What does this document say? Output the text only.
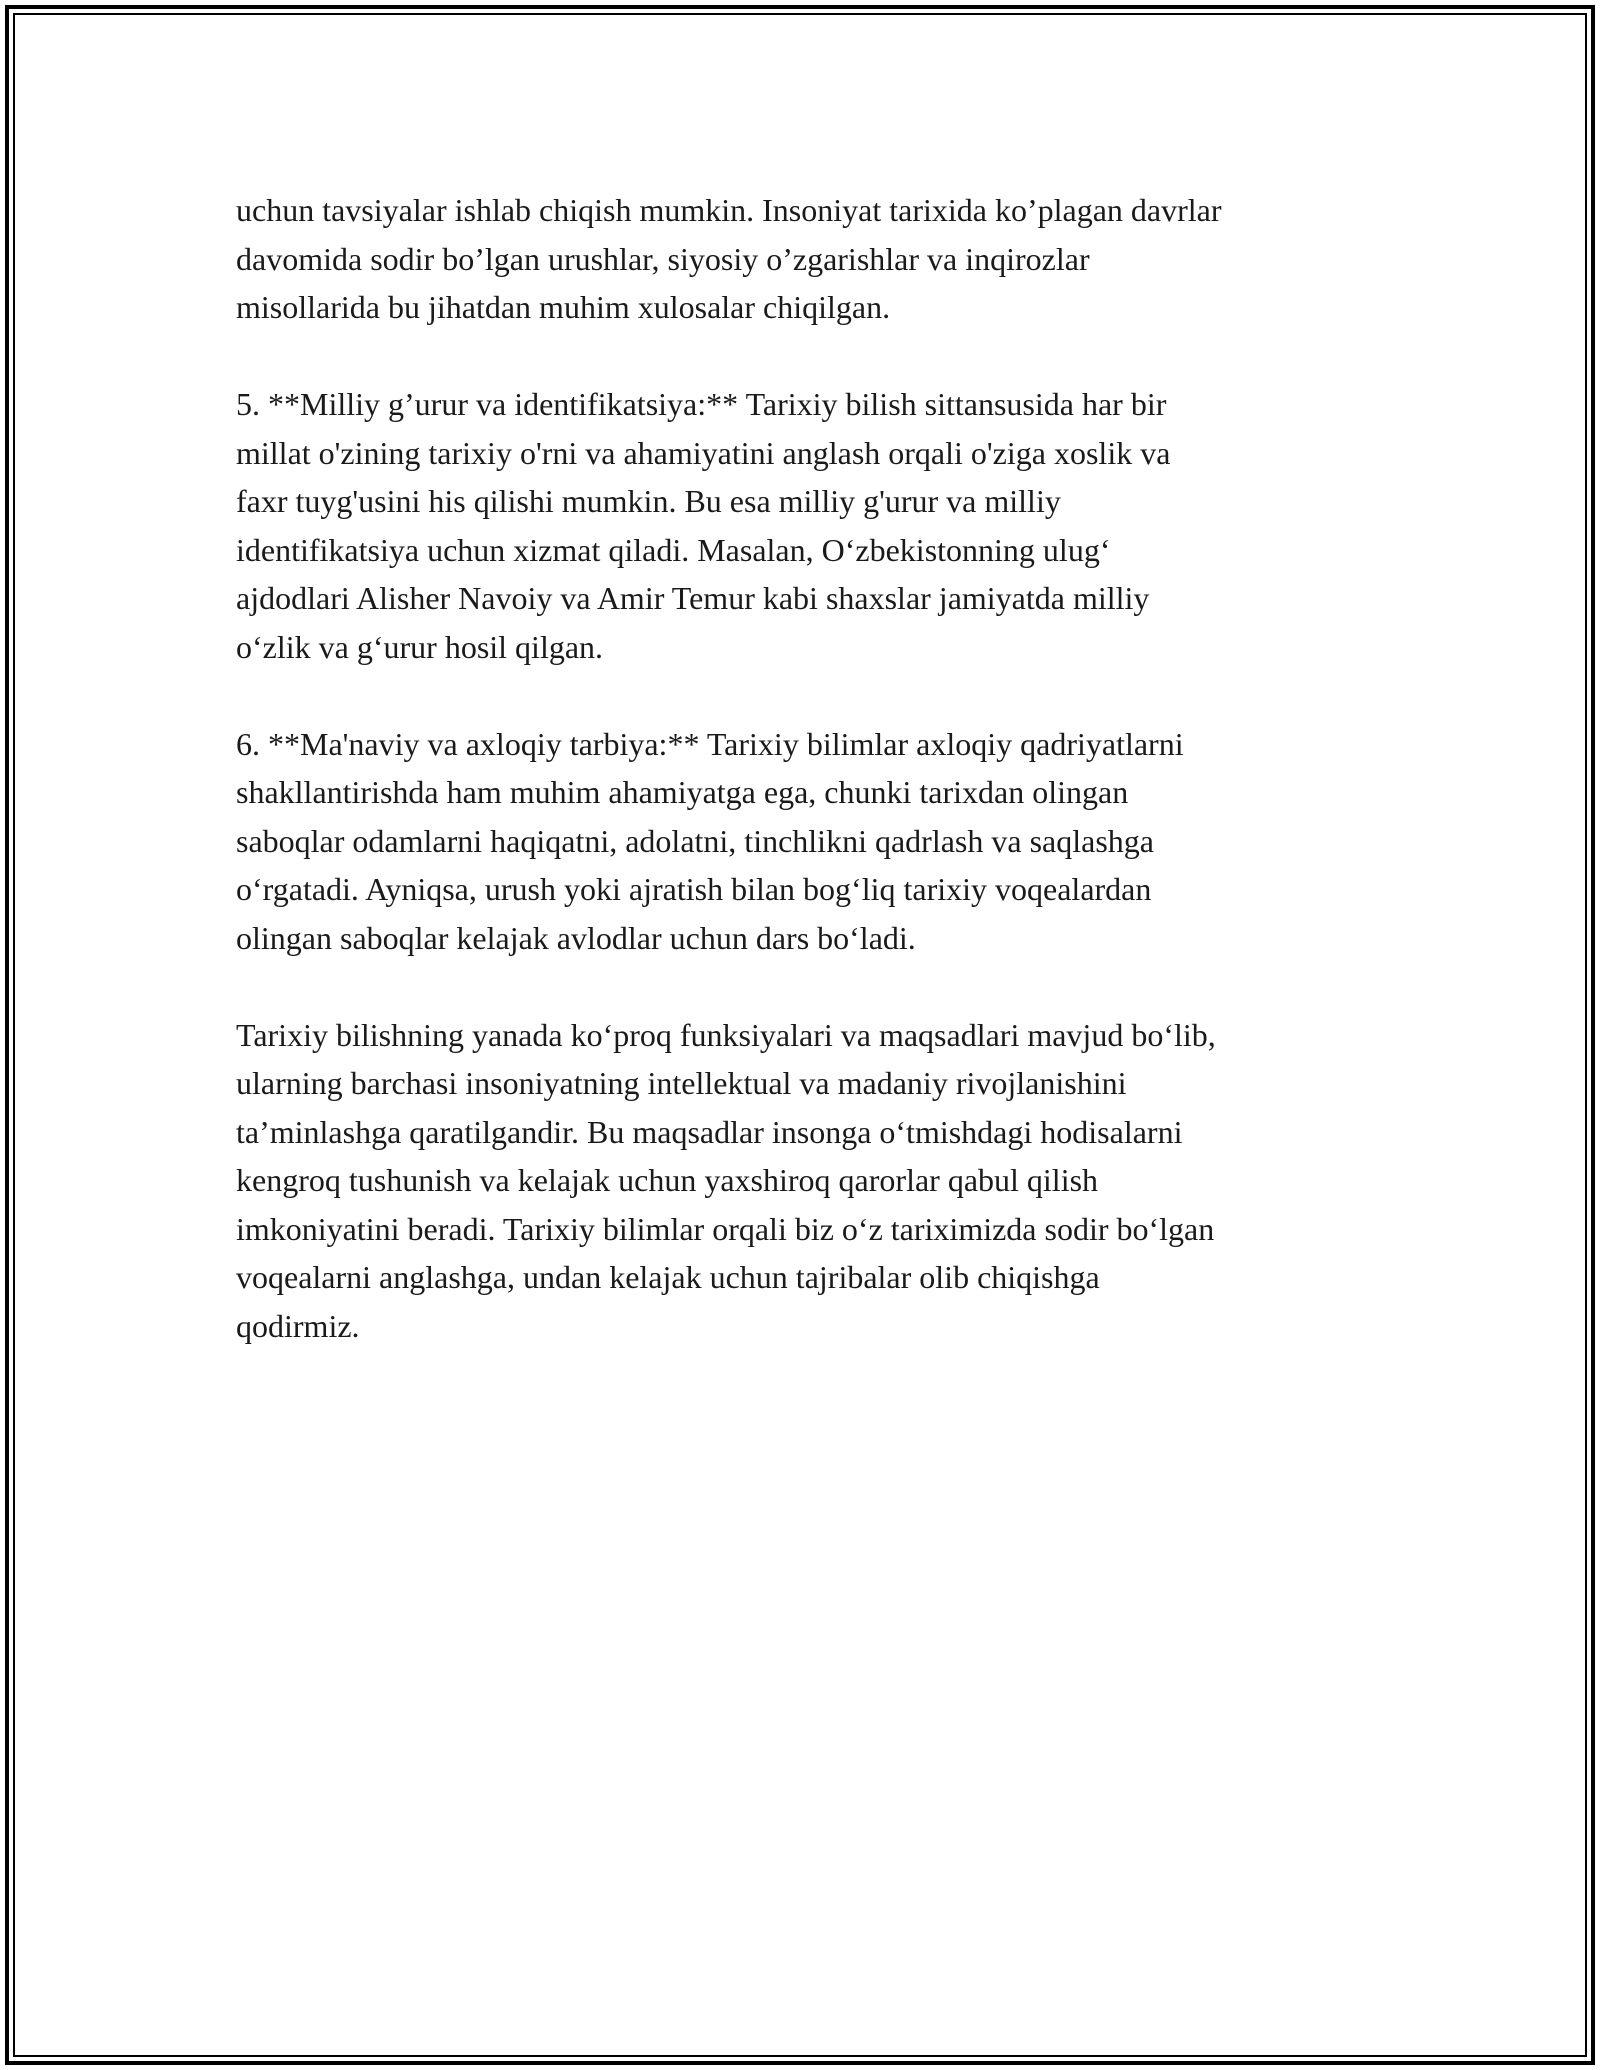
uchun tavsiyalar ishlab chiqish mumkin. Insoniyat tarixida ko’plagan davrlar
davomida sodir bo’lgan urushlar, siyosiy o’zgarishlar va inqirozlar
misollarida bu jihatdan muhim xulosalar chiqilgan.

5. **Milliy g’urur va identifikatsiya:** Tarixiy bilish sittansusida har bir
millat o'zining tarixiy o'rni va ahamiyatini anglash orqali o'ziga xoslik va
faxr tuyg'usini his qilishi mumkin. Bu esa milliy g'urur va milliy
identifikatsiya uchun xizmat qiladi. Masalan, O‘zbekistonning ulug‘
ajdodlari Alisher Navoiy va Amir Temur kabi shaxslar jamiyatda milliy
o‘zlik va g‘urur hosil qilgan.

6. **Ma'naviy va axloqiy tarbiya:** Tarixiy bilimlar axloqiy qadriyatlarni
shakllantirishda ham muhim ahamiyatga ega, chunki tarixdan olingan
saboqlar odamlarni haqiqatni, adolatni, tinchlikni qadrlash va saqlashga
o‘rgatadi. Ayniqsa, urush yoki ajratish bilan bog‘liq tarixiy voqealardan
olingan saboqlar kelajak avlodlar uchun dars bo‘ladi.

Tarixiy bilishning yanada ko‘proq funksiyalari va maqsadlari mavjud bo‘lib,
ularning barchasi insoniyatning intellektual va madaniy rivojlanishini
ta’minlashga qaratilgandir. Bu maqsadlar insonga o‘tmishdagi hodisalarni
kengroq tushunish va kelajak uchun yaxshiroq qarorlar qabul qilish
imkoniyatini beradi. Tarixiy bilimlar orqali biz o‘z tariximizda sodir bo‘lgan
voqealarni anglashga, undan kelajak uchun tajribalar olib chiqishga
qodirmiz.
